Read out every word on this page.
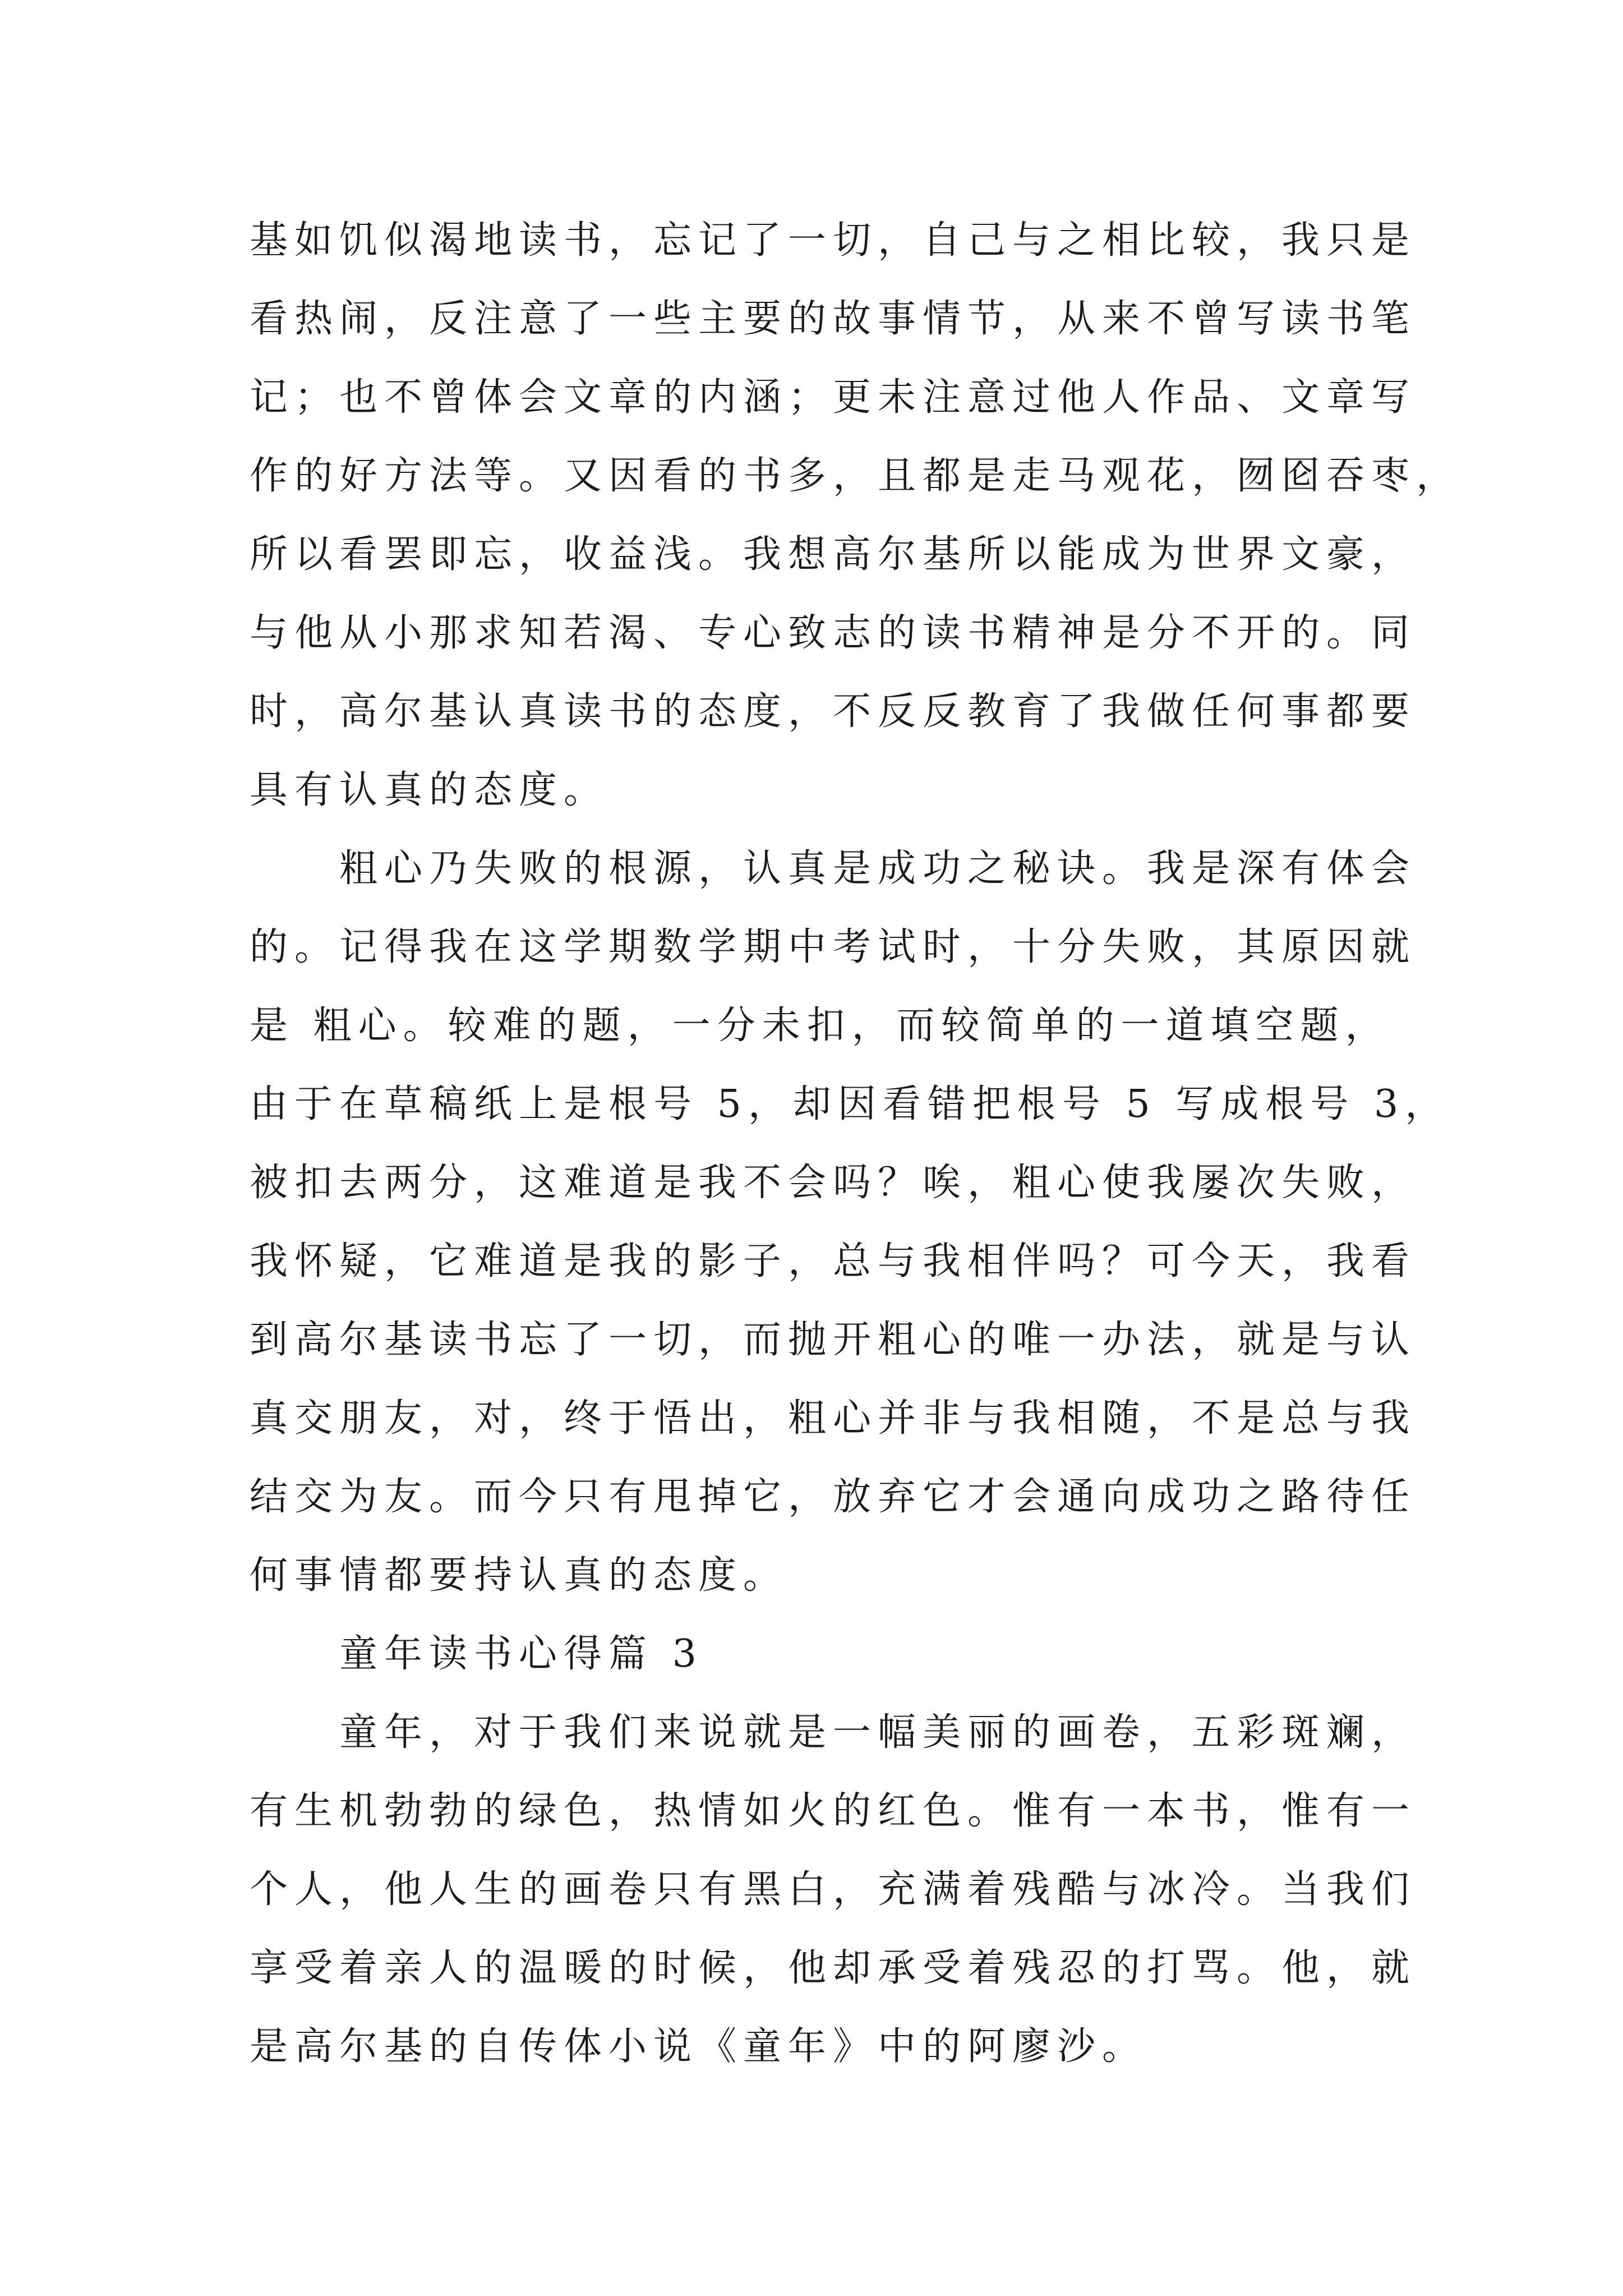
基如饥似渴地读书，忘记了一切，自己与之相比较，我只是
看热闹，反注意了一些主要的故事情节，从来不曾写读书笔
记；也不曾体会文章的内涵；更未注意过他人作品、文章写
作的好方法等。又因看的书多，且都是走马观花，囫囵吞枣，
所以看罢即忘，收益浅。我想高尔基所以能成为世界文豪，
与他从小那求知若渴、专心致志的读书精神是分不开的。同
时，高尔基认真读书的态度，不反反教育了我做任何事都要
具有认真的态度。
粗心乃失败的根源，认真是成功之秘诀。我是深有体会
的。记得我在这学期数学期中考试时，十分失败，其原因就
是 粗心。较难的题，一分未扣，而较简单的一道填空题，
由于在草稿纸上是根号 5，却因看错把根号 5 写成根号 3，
被扣去两分，这难道是我不会吗？唉，粗心使我屡次失败，
我怀疑，它难道是我的影子，总与我相伴吗？可今天，我看
到高尔基读书忘了一切，而抛开粗心的唯一办法，就是与认
真交朋友，对，终于悟出，粗心并非与我相随，不是总与我
结交为友。而今只有甩掉它，放弃它才会通向成功之路待任
何事情都要持认真的态度。
童年读书心得篇 3
童年，对于我们来说就是一幅美丽的画卷，五彩斑斓，
有生机勃勃的绿色，热情如火的红色。惟有一本书，惟有一
个人，他人生的画卷只有黑白，充满着残酷与冰冷。当我们
享受着亲人的温暖的时候，他却承受着残忍的打骂。他，就
是高尔基的自传体小说《童年》中的阿廖沙。
